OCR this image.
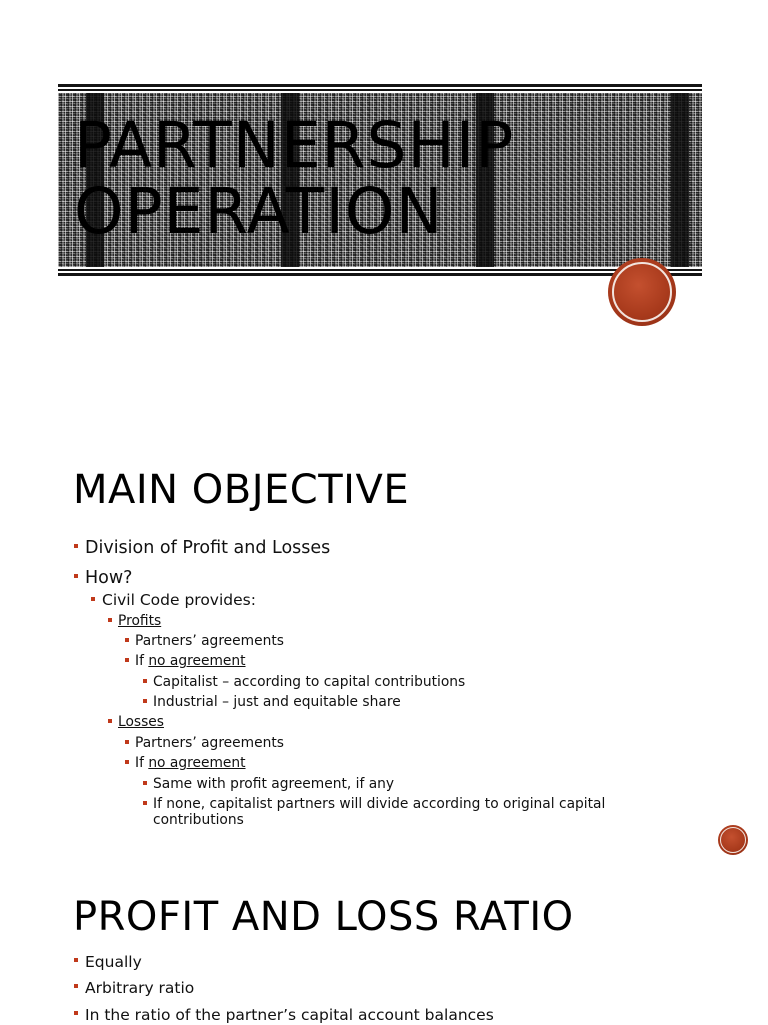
PARTNERSHIP
OPERATION
MAIN OBJECTIVE
Division of Profit and Losses
How?
Civil Code provides:
Profits
Partners’ agreements
If no agreement
Capitalist – according to capital contributions
Industrial – just and equitable share
Losses
Partners’ agreements
If no agreement
Same with profit agreement, if any
If none, capitalist partners will divide according to original capital contributions
PROFIT AND LOSS RATIO
Equally
Arbitrary ratio
In the ratio of the partner’s capital account balances
